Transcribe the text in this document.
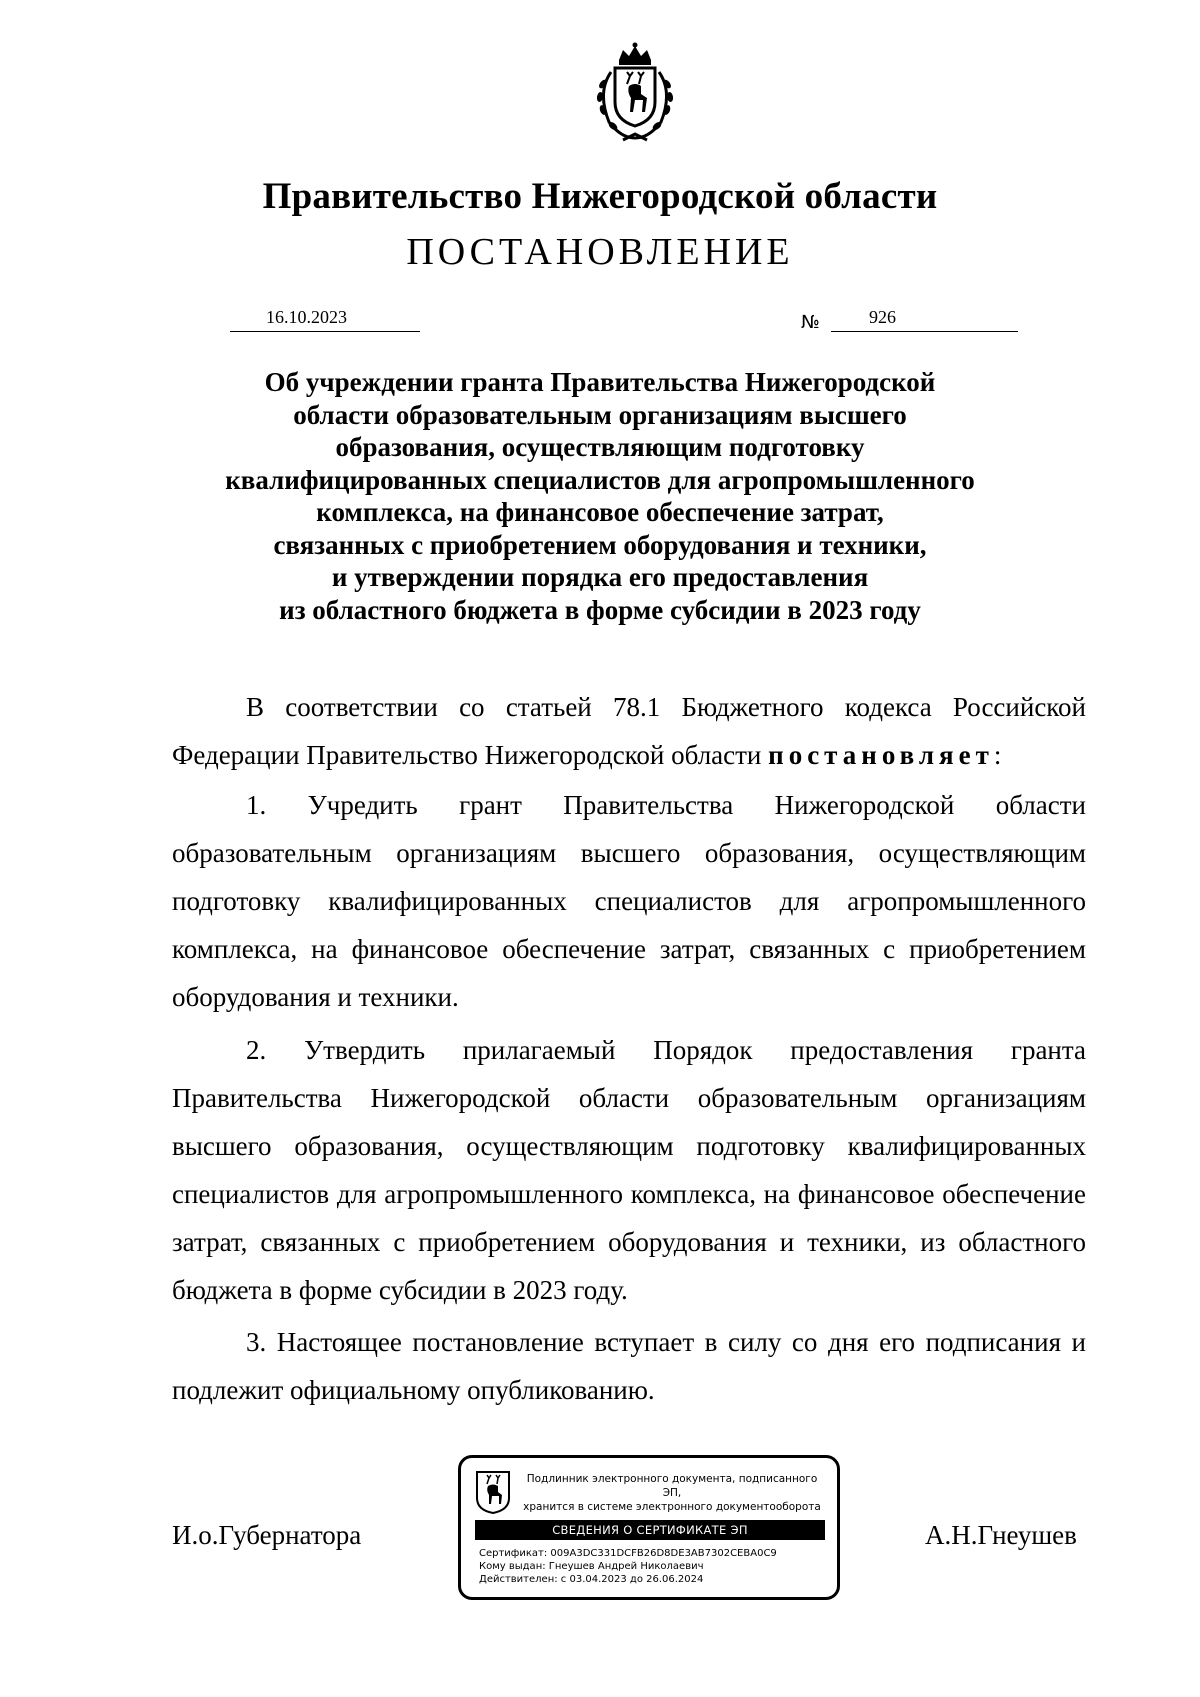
Правительство Нижегородской области
ПОСТАНОВЛЕНИЕ
16.10.2023	№	926
Об учреждении гранта Правительства Нижегородской
области образовательным организациям высшего
образования, осуществляющим подготовку
квалифицированных специалистов для агропромышленного
комплекса, на финансовое обеспечение затрат,
связанных с приобретением оборудования и техники,
и утверждении порядка его предоставления
из областного бюджета в форме субсидии в 2023 году

В соответствии со статьей 78.1 Бюджетного кодекса Российской Федерации Правительство Нижегородской области постановляет:

1. Учредить грант Правительства Нижегородской области образовательным организациям высшего образования, осуществляющим подготовку квалифицированных специалистов для агропромышленного комплекса, на финансовое обеспечение затрат, связанных с приобретением оборудования и техники.

2. Утвердить прилагаемый Порядок предоставления гранта Правительства Нижегородской области образовательным организациям высшего образования, осуществляющим подготовку квалифицированных специалистов для агропромышленного комплекса, на финансовое обеспечение затрат, связанных с приобретением оборудования и техники, из областного бюджета в форме субсидии в 2023 году.

3. Настоящее постановление вступает в силу со дня его подписания и подлежит официальному опубликованию.

И.о.Губернатора	А.Н.Гнеушев
Подлинник электронного документа, подписанного ЭП,
хранится в системе электронного документооборота
СВЕДЕНИЯ О СЕРТИФИКАТЕ ЭП
Сертификат: 009A3DC331DCFB26D8DE3AB7302CEBA0C9
Кому выдан: Гнеушев Андрей Николаевич
Действителен: с 03.04.2023 до 26.06.2024
